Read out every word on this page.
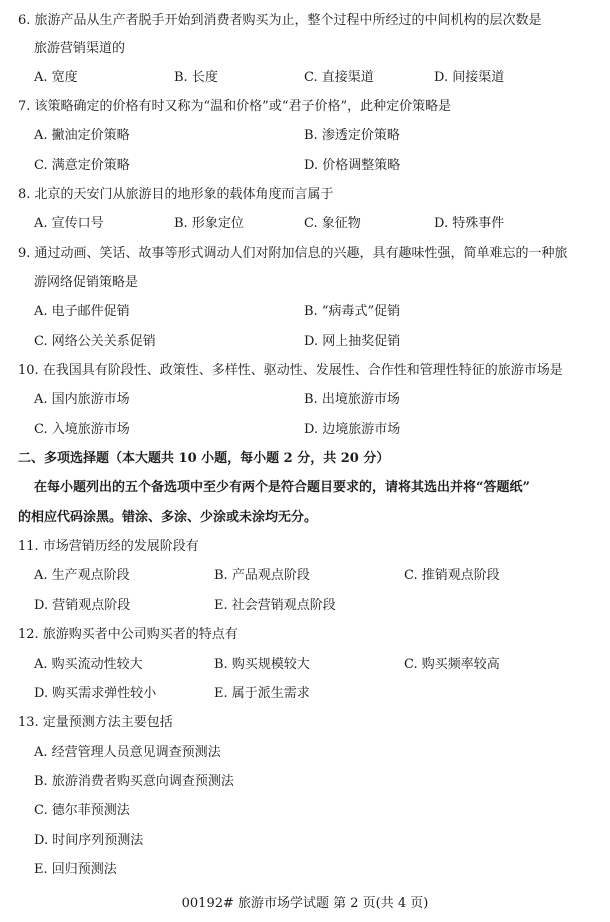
6. 旅游产品从生产者脱手开始到消费者购买为止，整个过程中所经过的中间机构的层次数是
旅游营销渠道的
A. 宽度	B. 长度	C. 直接渠道	D. 间接渠道
7. 该策略确定的价格有时又称为“温和价格”或“君子价格”，此种定价策略是
A. 撇油定价策略	B. 渗透定价策略
C. 满意定价策略	D. 价格调整策略
8. 北京的天安门从旅游目的地形象的载体角度而言属于
A. 宣传口号	B. 形象定位	C. 象征物	D. 特殊事件
9. 通过动画、笑话、故事等形式调动人们对附加信息的兴趣，具有趣味性强，简单难忘的一种旅
游网络促销策略是
A. 电子邮件促销	B. “病毒式”促销
C. 网络公关关系促销	D. 网上抽奖促销
10. 在我国具有阶段性、政策性、多样性、驱动性、发展性、合作性和管理性特征的旅游市场是
A. 国内旅游市场	B. 出境旅游市场
C. 入境旅游市场	D. 边境旅游市场
二、多项选择题（本大题共 10 小题，每小题 2 分，共 20 分）
在每小题列出的五个备选项中至少有两个是符合题目要求的，请将其选出并将“答题纸”
的相应代码涂黑。错涂、多涂、少涂或未涂均无分。
11. 市场营销历经的发展阶段有
A. 生产观点阶段	B. 产品观点阶段	C. 推销观点阶段
D. 营销观点阶段	E. 社会营销观点阶段
12. 旅游购买者中公司购买者的特点有
A. 购买流动性较大	B. 购买规模较大	C. 购买频率较高
D. 购买需求弹性较小	E. 属于派生需求
13. 定量预测方法主要包括
A. 经营管理人员意见调查预测法
B. 旅游消费者购买意向调查预测法
C. 德尔菲预测法
D. 时间序列预测法
E. 回归预测法
00192# 旅游市场学试题 第 2 页(共 4 页)
